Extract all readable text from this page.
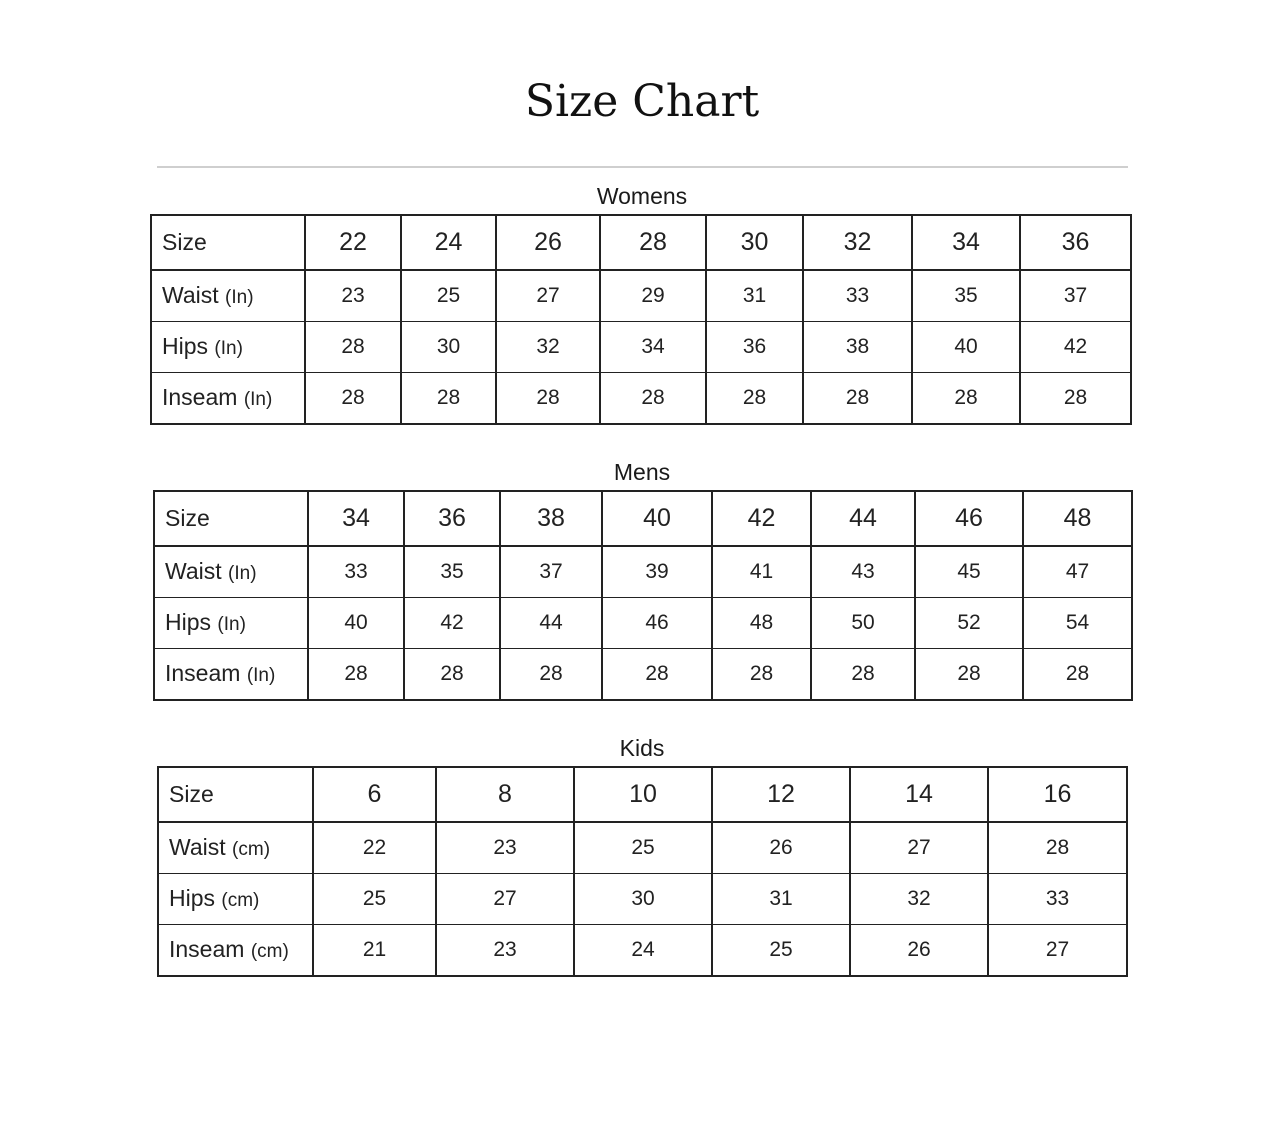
Size Chart
Womens
Size	22	24	26	28	30	32	34	36
Waist (In)	23	25	27	29	31	33	35	37
Hips (In)	28	30	32	34	36	38	40	42
Inseam (In)	28	28	28	28	28	28	28	28
Mens
Size	34	36	38	40	42	44	46	48
Waist (In)	33	35	37	39	41	43	45	47
Hips (In)	40	42	44	46	48	50	52	54
Inseam (In)	28	28	28	28	28	28	28	28
Kids
Size	6	8	10	12	14	16
Waist (cm)	22	23	25	26	27	28
Hips (cm)	25	27	30	31	32	33
Inseam (cm)	21	23	24	25	26	27
